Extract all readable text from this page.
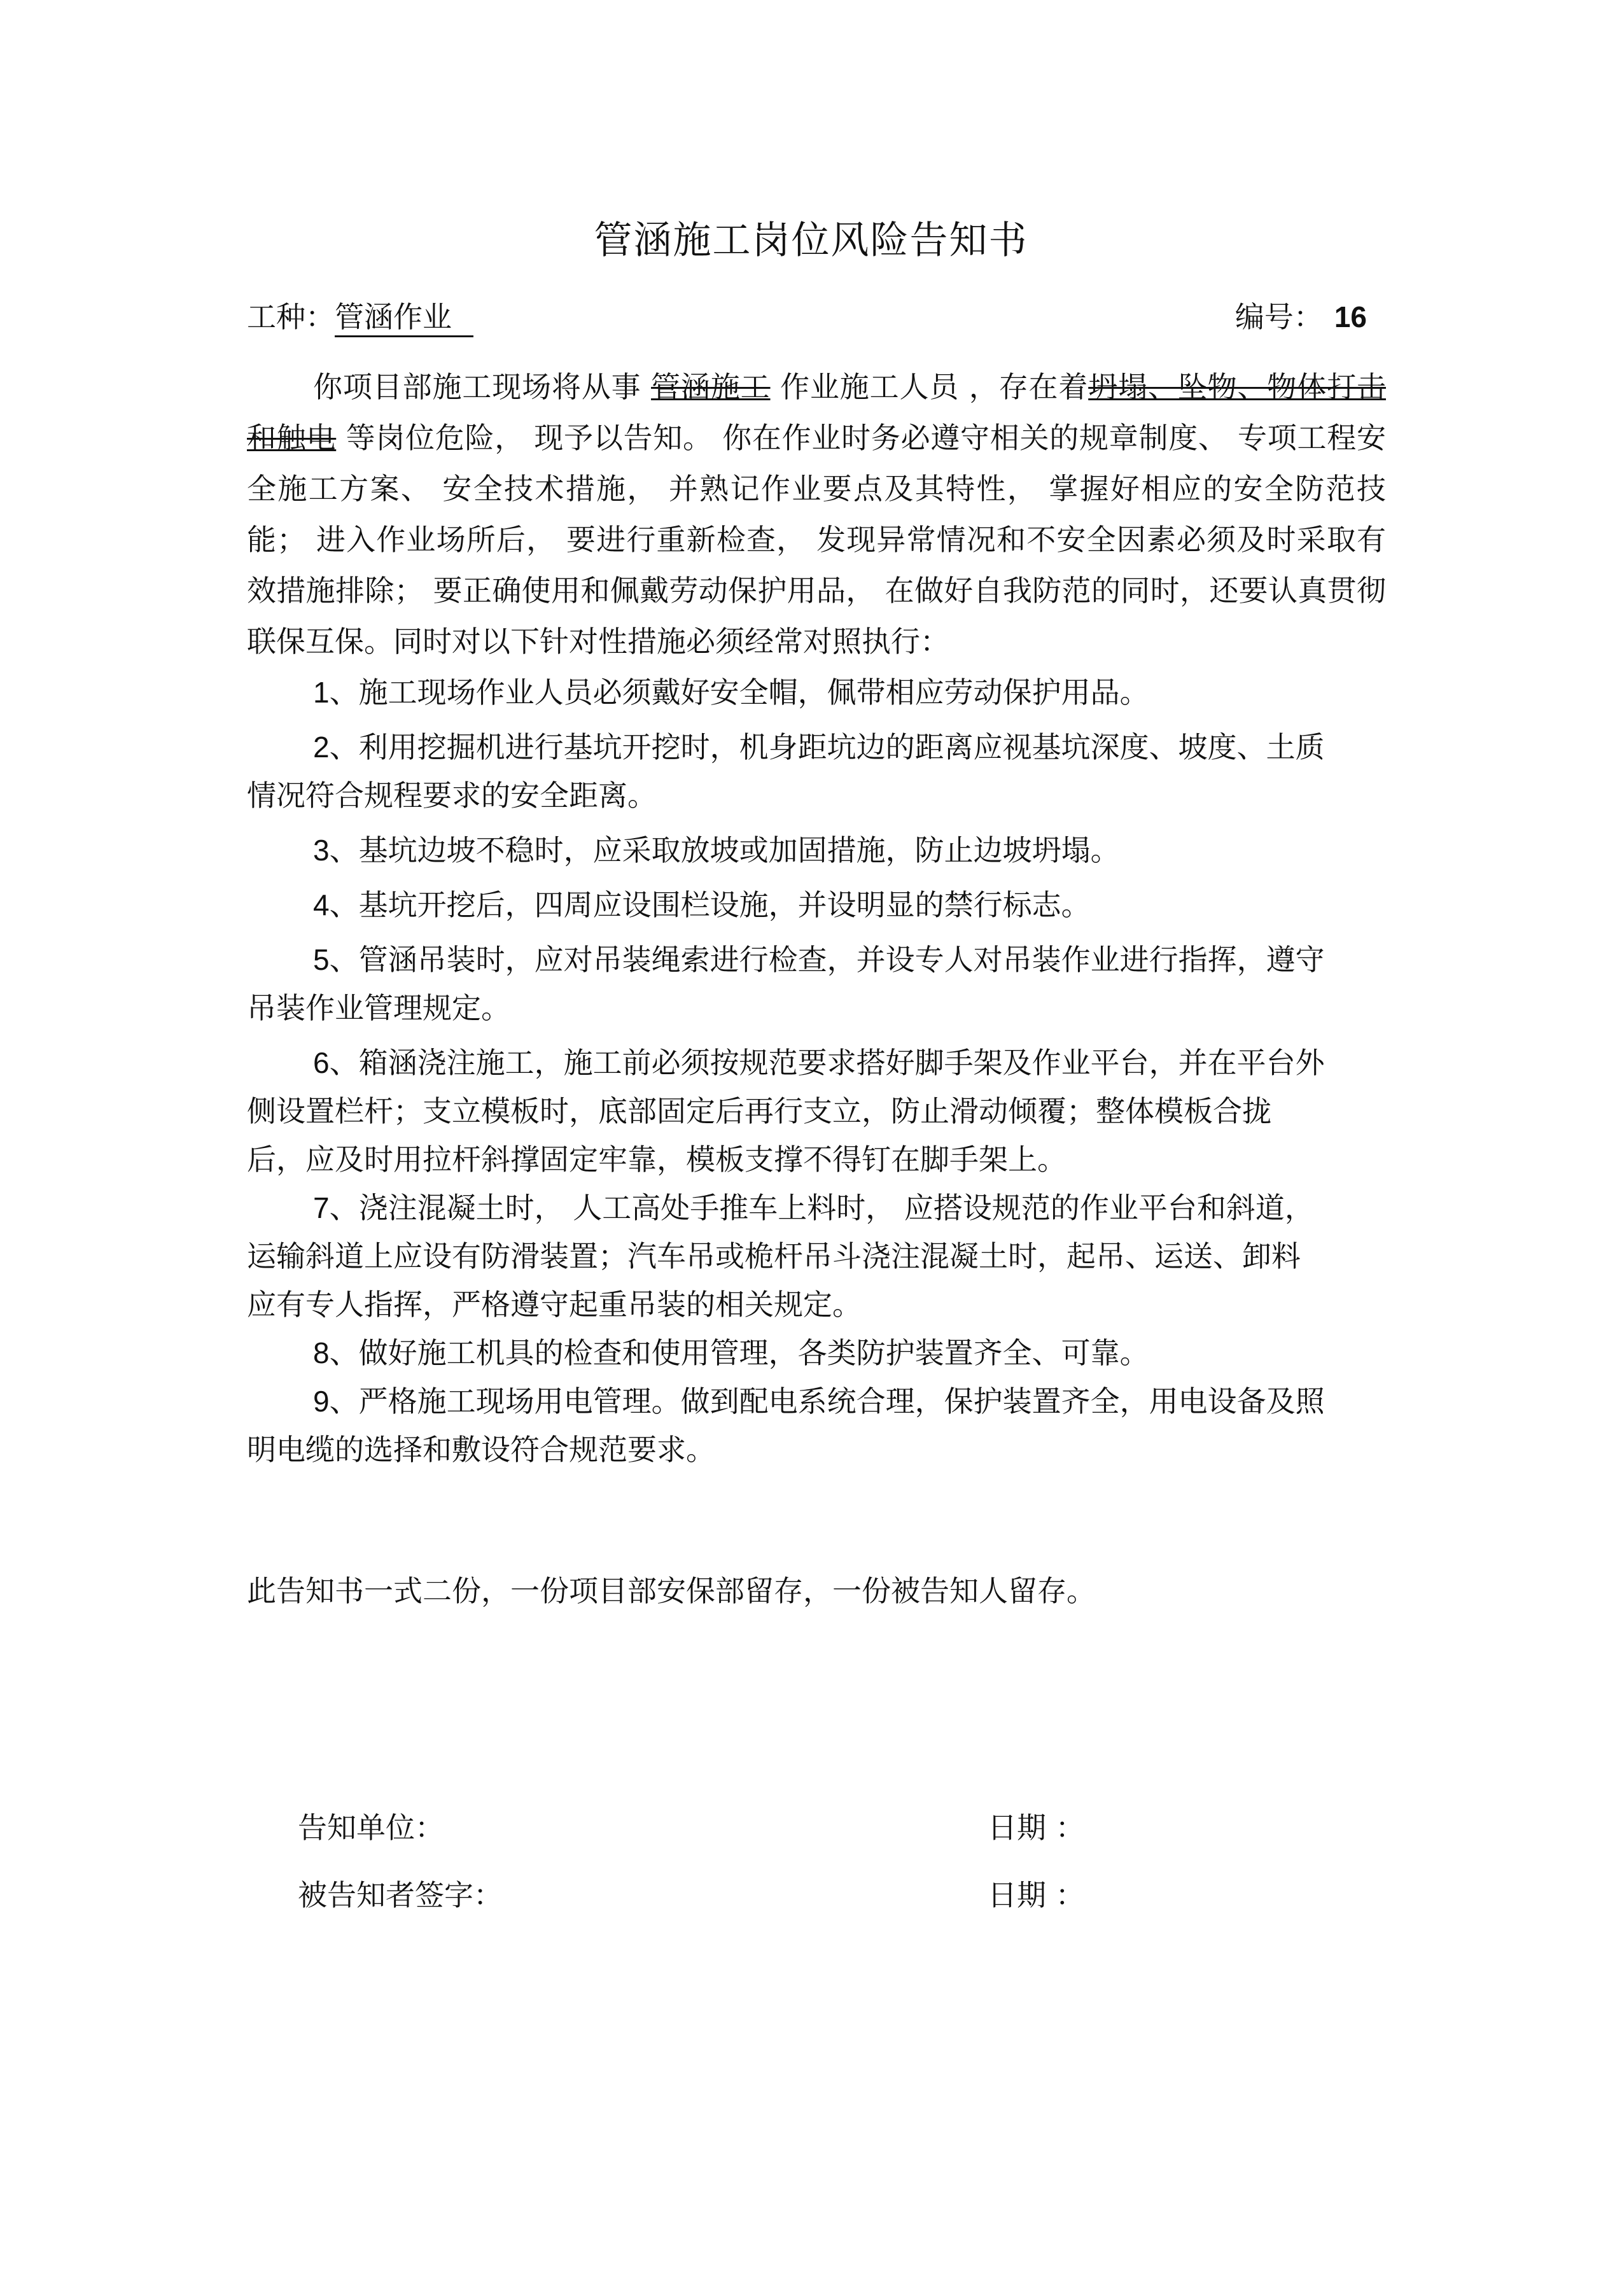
管涵施工岗位风险告知书
工种：管涵作业	编号： 16
你项目部施工现场将从事 管涵施工 作业施工人员 ，存在着坍塌、坠物、物体打击和触电 等岗位危险， 现予以告知。 你在作业时务必遵守相关的规章制度、 专项工程安全施工方案、 安全技术措施， 并熟记作业要点及其特性， 掌握好相应的安全防范技能； 进入作业场所后， 要进行重新检查， 发现异常情况和不安全因素必须及时采取有效措施排除； 要正确使用和佩戴劳动保护用品， 在做好自我防范的同时，还要认真贯彻联保互保。同时对以下针对性措施必须经常对照执行：
1、施工现场作业人员必须戴好安全帽，佩带相应劳动保护用品。
2、利用挖掘机进行基坑开挖时，机身距坑边的距离应视基坑深度、坡度、土质情况符合规程要求的安全距离。
3、基坑边坡不稳时，应采取放坡或加固措施，防止边坡坍塌。
4、基坑开挖后，四周应设围栏设施，并设明显的禁行标志。
5、管涵吊装时，应对吊装绳索进行检查，并设专人对吊装作业进行指挥，遵守吊装作业管理规定。
6、箱涵浇注施工，施工前必须按规范要求搭好脚手架及作业平台，并在平台外侧设置栏杆；支立模板时，底部固定后再行支立，防止滑动倾覆；整体模板合拢后，应及时用拉杆斜撑固定牢靠，模板支撑不得钉在脚手架上。
7、浇注混凝土时， 人工高处手推车上料时， 应搭设规范的作业平台和斜道，运输斜道上应设有防滑装置；汽车吊或桅杆吊斗浇注混凝土时，起吊、运送、卸料应有专人指挥，严格遵守起重吊装的相关规定。
8、做好施工机具的检查和使用管理，各类防护装置齐全、可靠。
9、严格施工现场用电管理。做到配电系统合理，保护装置齐全，用电设备及照明电缆的选择和敷设符合规范要求。
此告知书一式二份，一份项目部安保部留存，一份被告知人留存。
告知单位：	日期 ：
被告知者签字：	日期 ：
